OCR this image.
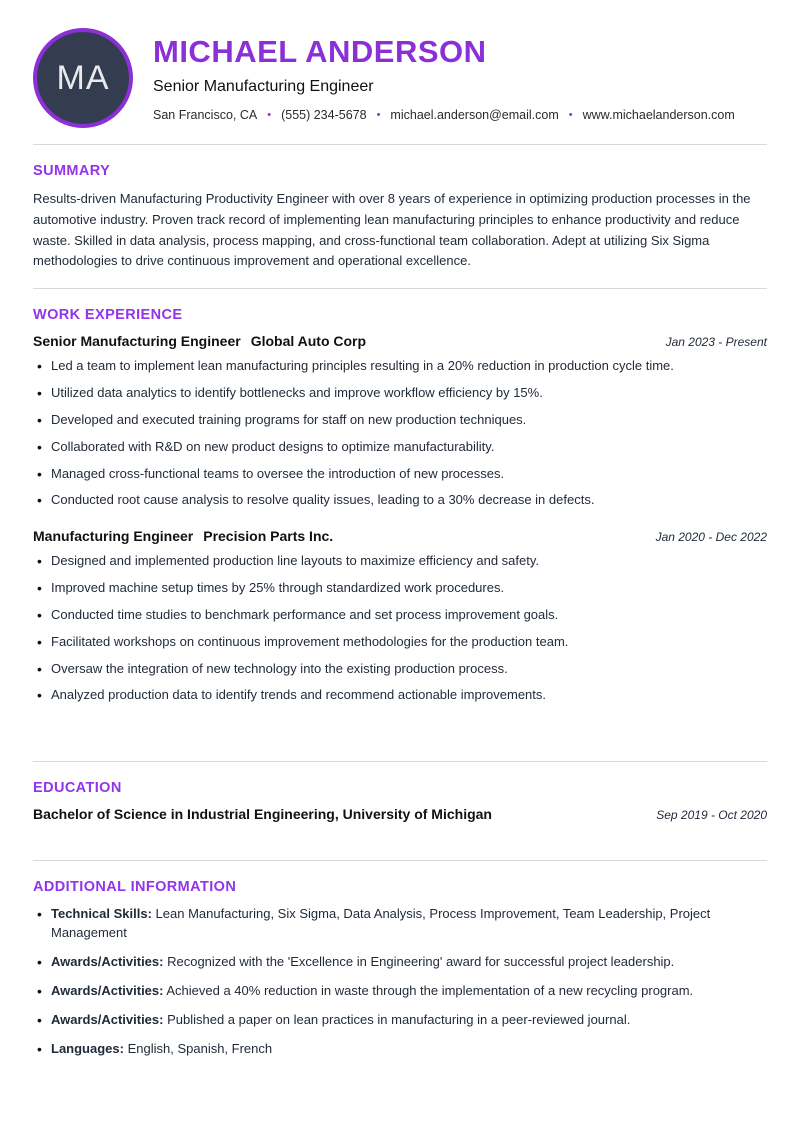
MA
MICHAEL ANDERSON
Senior Manufacturing Engineer
San Francisco, CA • (555) 234-5678 • michael.anderson@email.com • www.michaelanderson.com
SUMMARY

Results-driven Manufacturing Productivity Engineer with over 8 years of experience in optimizing production processes in the automotive industry. Proven track record of implementing lean manufacturing principles to enhance productivity and reduce waste. Skilled in data analysis, process mapping, and cross-functional team collaboration. Adept at utilizing Six Sigma methodologies to drive continuous improvement and operational excellence.

WORK EXPERIENCE
Senior Manufacturing Engineer Global Auto Corp	Jan 2023 - Present
• Led a team to implement lean manufacturing principles resulting in a 20% reduction in production cycle time.
• Utilized data analytics to identify bottlenecks and improve workflow efficiency by 15%.
• Developed and executed training programs for staff on new production techniques.
• Collaborated with R&D on new product designs to optimize manufacturability.
• Managed cross-functional teams to oversee the introduction of new processes.
• Conducted root cause analysis to resolve quality issues, leading to a 30% decrease in defects.
Manufacturing Engineer Precision Parts Inc.	Jan 2020 - Dec 2022
• Designed and implemented production line layouts to maximize efficiency and safety.
• Improved machine setup times by 25% through standardized work procedures.
• Conducted time studies to benchmark performance and set process improvement goals.
• Facilitated workshops on continuous improvement methodologies for the production team.
• Oversaw the integration of new technology into the existing production process.
• Analyzed production data to identify trends and recommend actionable improvements.
EDUCATION
Bachelor of Science in Industrial Engineering, University of Michigan	Sep 2019 - Oct 2020
ADDITIONAL INFORMATION
• Technical Skills: Lean Manufacturing, Six Sigma, Data Analysis, Process Improvement, Team Leadership, Project Management
• Awards/Activities: Recognized with the 'Excellence in Engineering' award for successful project leadership.
• Awards/Activities: Achieved a 40% reduction in waste through the implementation of a new recycling program.
• Awards/Activities: Published a paper on lean practices in manufacturing in a peer-reviewed journal.
• Languages: English, Spanish, French
